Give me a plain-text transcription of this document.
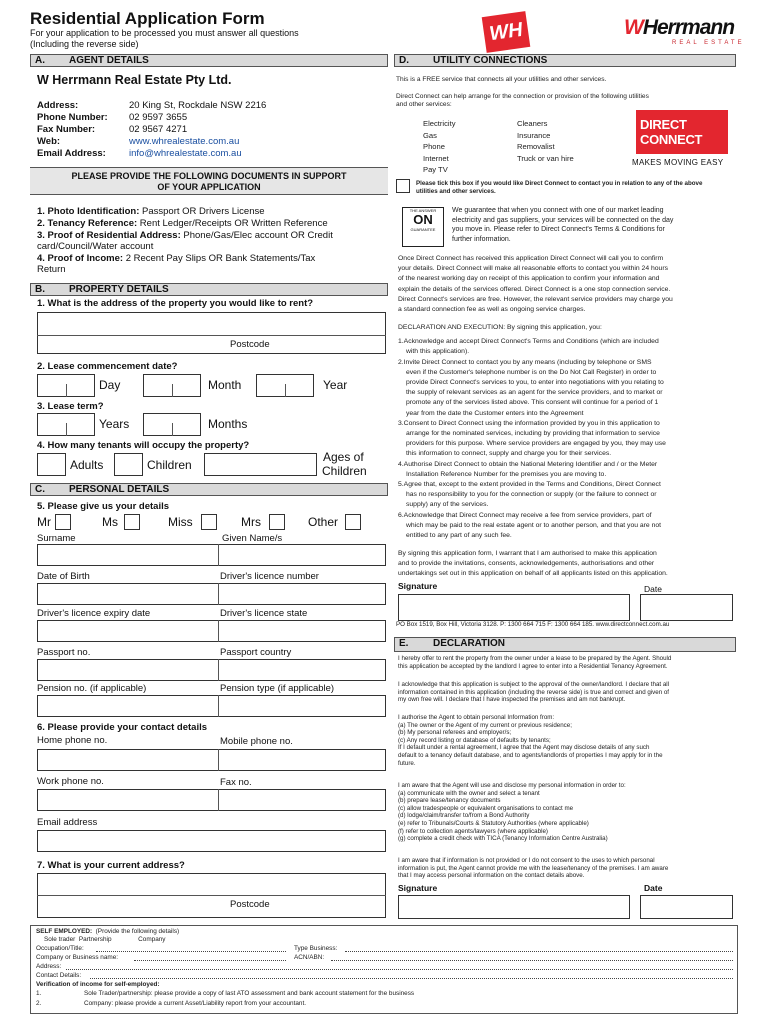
Residential Application Form
For your application to be processed you must answer all questions
(Including the reverse side)	WH	WHerrmann
REAL ESTATE
A. AGENT DETAILS
W Herrmann Real Estate Pty Ltd.
Address:	20 King St, Rockdale NSW 2216
Phone Number: 02 9597 3655
Fax Number:	02 9567 4271
Web:	www.whrealestate.com.au
Email Address: info@whrealestate.com.au
PLEASE PROVIDE THE FOLLOWING DOCUMENTS IN SUPPORT
OF YOUR APPLICATION
1. Photo Identification: Passport OR Drivers License
2. Tenancy Reference: Rent Ledger/Receipts OR Written Reference
3. Proof of Residential Address: Phone/Gas/Elec account OR Credit
card/Council/Water account
4. Proof of Income: 2 Recent Pay Slips OR Bank Statements/Tax
Return
B. PROPERTY DETAILS
1. What is the address of the property you would like to rent?
Postcode
2. Lease commencement date?
Day	Month	Year
3. Lease term?
Years	Months
4. How many tenants will occupy the property?
Adults	Children
Ages of
Children
C. PERSONAL DETAILS
5. Please give us your details
Mr	Ms	Miss	Mrs	Other
Surname	Given Name/s
Date of Birth	Driver's licence number
Driver's licence expiry date	Driver's licence state
Passport no.	Passport country
Pension no. (if applicable)	Pension type (if applicable)
6. Please provide your contact details
Home phone no.	Mobile phone no.
Work phone no.	Fax no.
Email address
7. What is your current address?
Postcode
D. UTILITY CONNECTIONS
This is a FREE service that connects all your utilities and other services.
Direct Connect can help arrange for the connection or provision of the following utilities
and other services:
Electricity
Gas
Phone
Internet
Pay TV
Cleaners
Insurance
Removalist
Truck or van hire
DIRECT
CONNECT
MAKES MOVING EASY
Please tick this box if you would like Direct Connect to contact you in relation to any of the above
utilities and other services.
THE ANSWER
ON
GUARANTEE
We guarantee that when you connect with one of our market leading
electricity and gas suppliers, your services will be connected on the day
you move in. Please refer to Direct Connect's Terms & Conditions for
further information.
Once Direct Connect has received this application Direct Connect will call you to confirm
your details. Direct Connect will make all reasonable efforts to contact you within 24 hours
of the nearest working day on receipt of this application to confirm your information and
explain the details of the services offered. Direct Connect is a one stop connection service.
Direct Connect's services are free. However, the relevant service providers may charge you
a standard connection fee as well as ongoing service charges.
DECLARATION AND EXECUTION: By signing this application, you:
1.Acknowledge and accept Direct Connect's Terms and Conditions (which are included
with this application).
2.Invite Direct Connect to contact you by any means (including by telephone or SMS
even if the Customer's telephone number is on the Do Not Call Register) in order to
provide Direct Connect's services to you, to enter into negotiations with you relating to
the supply of relevant services as an agent for the service providers, and to market or
promote any of the services listed above. This consent will continue for a period of 1
year from the date the Customer enters into the Agreement
3.Consent to Direct Connect using the information provided by you in this application to
arrange for the nominated services, including by providing that information to service
providers for this purpose. Where service providers are engaged by you, they may use
this information to connect, supply and charge you for their services.
4.Authorise Direct Connect to obtain the National Metering Identifier and / or the Meter
Installation Reference Number for the premises you are moving to.
5.Agree that, except to the extent provided in the Terms and Conditions, Direct Connect
has no responsibility to you for the connection or supply (or the failure to connect or
supply) any of the services.
6.Acknowledge that Direct Connect may receive a fee from service providers, part of
which may be paid to the real estate agent or to another person, and that you are not
entitled to any part of any such fee.
By signing this application form, I warrant that I am authorised to make this application
and to provide the invitations, consents, acknowledgements, authorisations and other
undertakings set out in this application on behalf of all applicants listed on this application.
Signature	Date
PO Box 1519, Box Hill, Victoria 3128. P: 1300 664 715 F: 1300 664 185. www.directconnect.com.au
E. DECLARATION
I hereby offer to rent the property from the owner under a lease to be prepared by the Agent. Should
this application be accepted by the landlord I agree to enter into a Residential Tenancy Agreement.
I acknowledge that this application is subject to the approval of the owner/landlord. I declare that all
information contained in this application (including the reverse side) is true and correct and given of
my own free will. I declare that I have inspected the premises and am not bankrupt.
I authorise the Agent to obtain personal Information from:
(a) The owner or the Agent of my current or previous residence;
(b) My personal referees and employer/s;
(c) Any record listing or database of defaults by tenants;
If I default under a rental agreement, I agree that the Agent may disclose details of any such
default to a tenancy default database, and to agents/landlords of properties I may apply for in the
future.
I am aware that the Agent will use and disclose my personal information in order to:
(a) communicate with the owner and select a tenant
(b) prepare lease/tenancy documents
(c) allow tradespeople or equivalent organisations to contact me
(d) lodge/claim/transfer to/from a Bond Authority
(e) refer to Tribunals/Courts & Statutory Authorities (where applicable)
(f) refer to collection agents/lawyers (where applicable)
(g) complete a credit check with TICA (Tenancy Information Centre Australia)
I am aware that if information is not provided or I do not consent to the uses to which personal
information is put, the Agent cannot provide me with the lease/tenancy of the premises. I am aware
that I may access personal information on the contact details above.
Signature	Date
SELF EMPLOYED: (Provide the following details)
Sole trader Partnership	Company
Occupation/Title:	Type Business:
Company or Business name:	ACN/ABN:
Address:
Contact Details:
Verification of income for self-employed:
1.	Sole Trader/partnership: please provide a copy of last ATO assessment and bank account statement for the business
2.	Company: please provide a current Asset/Liability report from your accountant.
